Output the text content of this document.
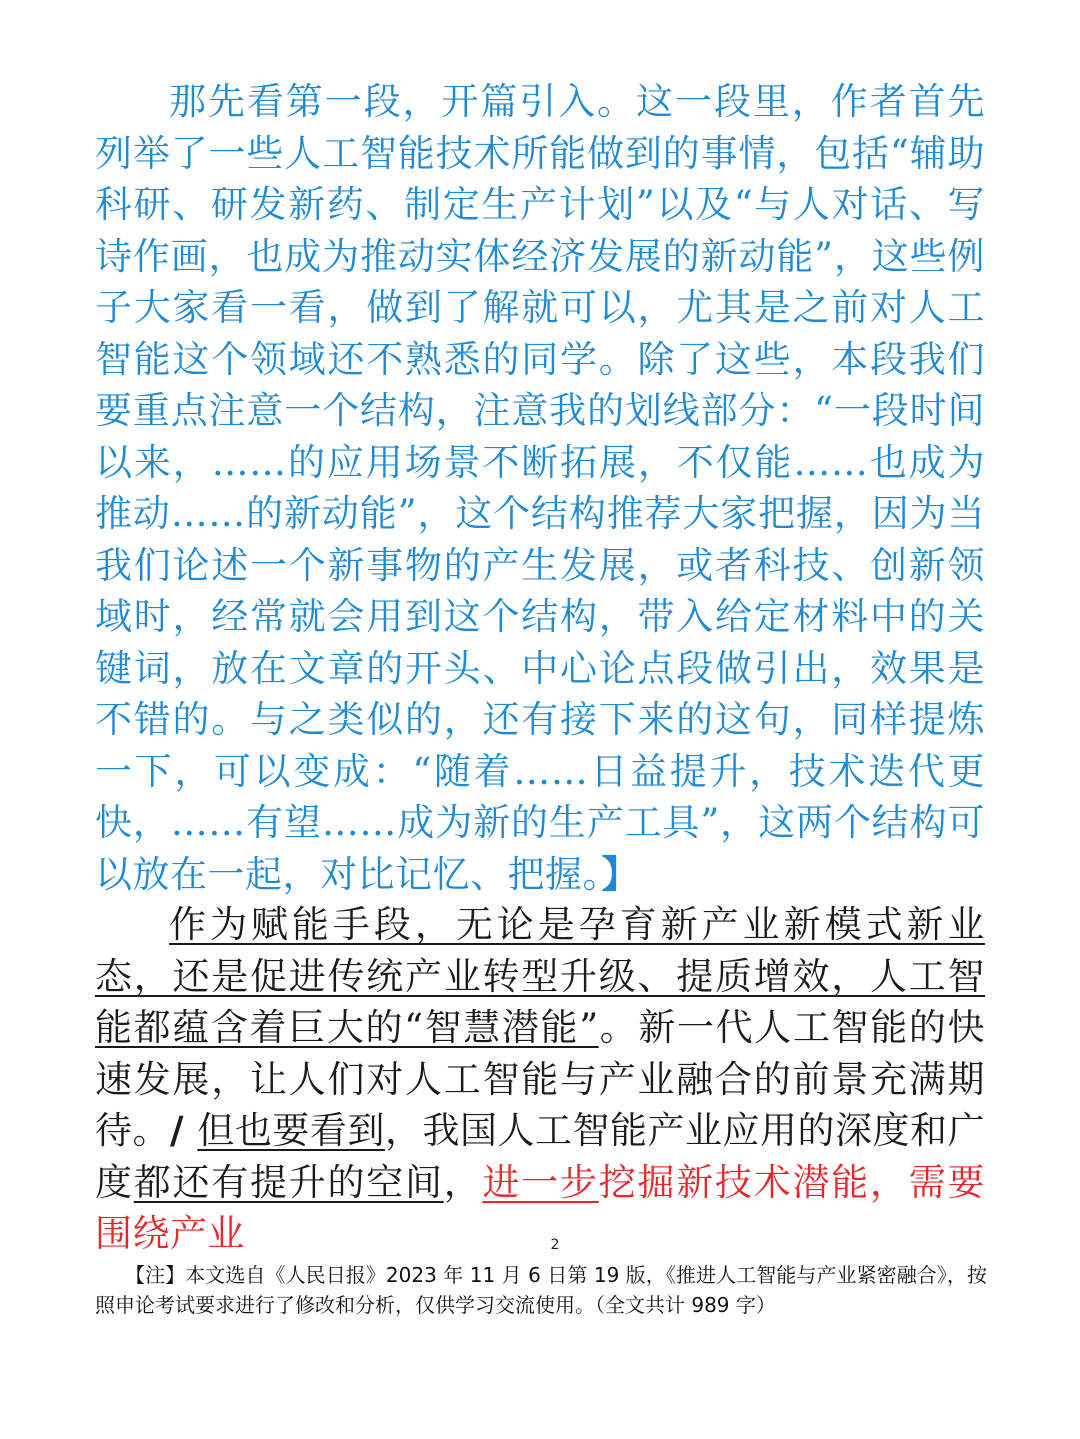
那先看第一段，开篇引入。这一段里，作者首先列举了一些人工智能技术所能做到的事情，包括“辅助科研、研发新药、制定生产计划”以及“与人对话、写诗作画，也成为推动实体经济发展的新动能”，这些例子大家看一看，做到了解就可以，尤其是之前对人工智能这个领域还不熟悉的同学。除了这些，本段我们要重点注意一个结构，注意我的划线部分：“一段时间以来，……的应用场景不断拓展，不仅能……也成为推动……的新动能”，这个结构推荐大家把握，因为当我们论述一个新事物的产生发展，或者科技、创新领域时，经常就会用到这个结构，带入给定材料中的关键词，放在文章的开头、中心论点段做引出，效果是不错的。与之类似的，还有接下来的这句，同样提炼一下，可以变成：“随着……日益提升，技术迭代更快，……有望……成为新的生产工具”，这两个结构可以放在一起，对比记忆、把握。】

作为赋能手段，无论是孕育新产业新模式新业态，还是促进传统产业转型升级、提质增效，人工智能都蕴含着巨大的“智慧潜能”。新一代人工智能的快速发展，让人们对人工智能与产业融合的前景充满期待。/ 但也要看到，我国人工智能产业应用的深度和广度都还有提升的空间，进一步挖掘新技术潜能，需要围绕产业	2

【注】本文选自《人民日报》2023 年 11 月 6 日第 19 版，《推进人工智能与产业紧密融合》，按照申论考试要求进行了修改和分析，仅供学习交流使用。（全文共计 989 字）
